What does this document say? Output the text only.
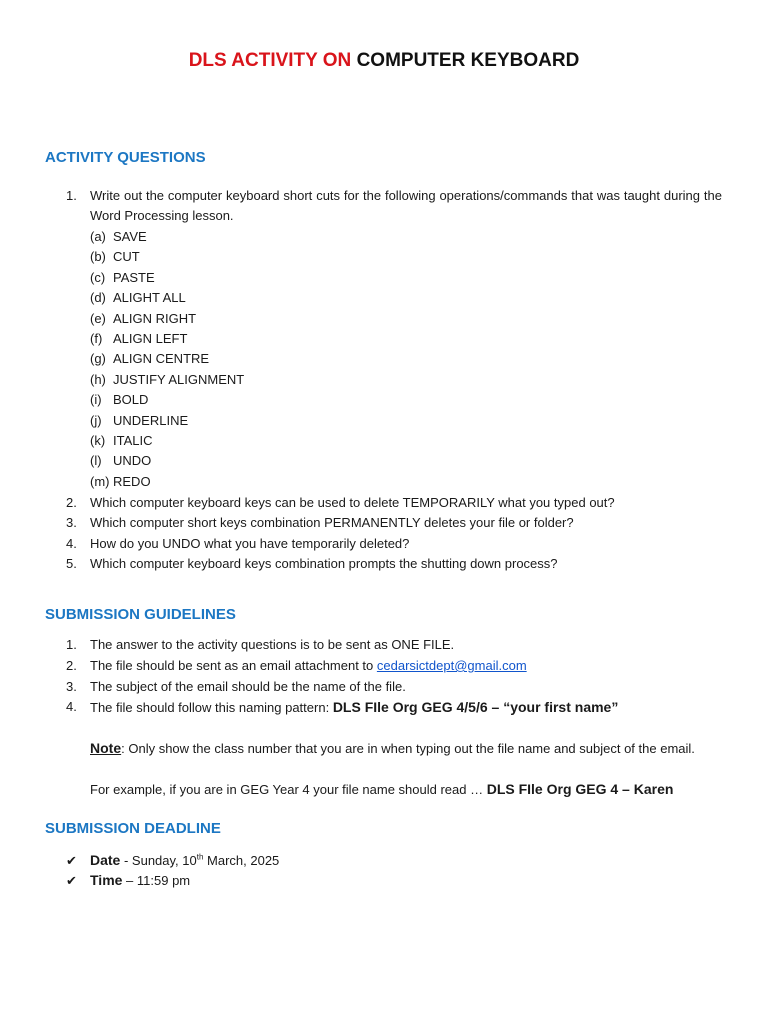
DLS ACTIVITY ON COMPUTER KEYBOARD
ACTIVITY QUESTIONS
1.	Write out the computer keyboard short cuts for the following operations/commands that was taught during the Word Processing lesson.
(a) SAVE
(b) CUT
(c) PASTE
(d) ALIGHT ALL
(e) ALIGN RIGHT
(f) ALIGN LEFT
(g) ALIGN CENTRE
(h) JUSTIFY ALIGNMENT
(i) BOLD
(j) UNDERLINE
(k) ITALIC
(l) UNDO
(m) REDO
2.	Which computer keyboard keys can be used to delete TEMPORARILY what you typed out?
3.	Which computer short keys combination PERMANENTLY deletes your file or folder?
4.	How do you UNDO what you have temporarily deleted?
5.	Which computer keyboard keys combination prompts the shutting down process?
SUBMISSION GUIDELINES
1.	The answer to the activity questions is to be sent as ONE FILE.
2.	The file should be sent as an email attachment to cedarsictdept@gmail.com
3.	The subject of the email should be the name of the file.
4.	The file should follow this naming pattern: DLS FIle Org GEG 4/5/6 – “your first name”
Note: Only show the class number that you are in when typing out the file name and subject of the email.
For example, if you are in GEG Year 4 your file name should read … DLS FIle Org GEG 4 – Karen
SUBMISSION DEADLINE
✔ Date - Sunday, 10th March, 2025
✔ Time – 11:59 pm
